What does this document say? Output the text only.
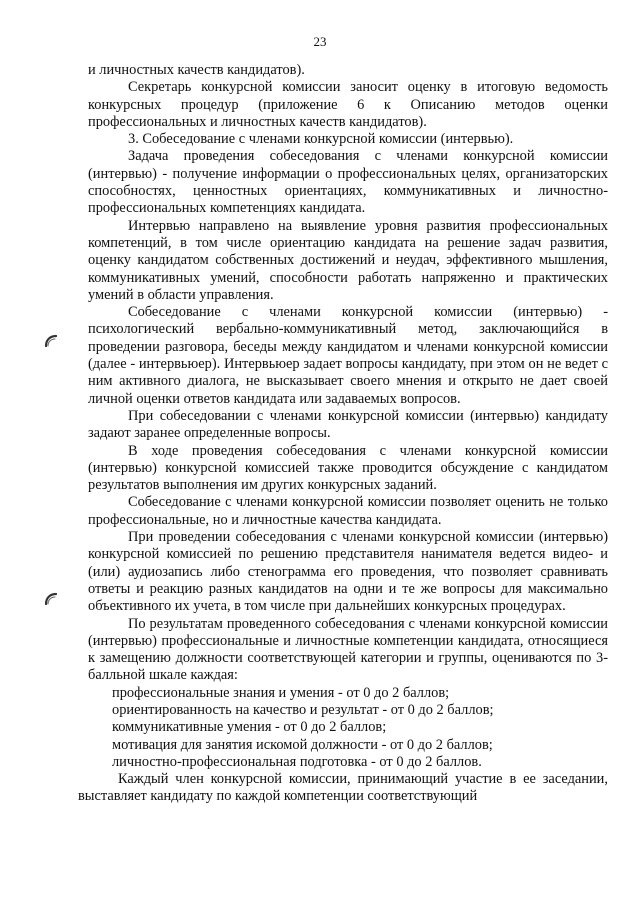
23

и личностных качеств кандидатов).

Секретарь конкурсной комиссии заносит оценку в итоговую ведомость конкурсных процедур (приложение 6 к Описанию методов оценки профессиональных и личностных качеств кандидатов).

3. Собеседование с членами конкурсной комиссии (интервью).

Задача проведения собеседования с членами конкурсной комиссии (интервью) - получение информации о профессиональных целях, организаторских способностях, ценностных ориентациях, коммуникативных и личностно-профессиональных компетенциях кандидата.

Интервью направлено на выявление уровня развития профессиональных компетенций, в том числе ориентацию кандидата на решение задач развития, оценку кандидатом собственных достижений и неудач, эффективного мышления, коммуникативных умений, способности работать напряженно и практических умений в области управления.

Собеседование с членами конкурсной комиссии (интервью) - психологический вербально-коммуникативный метод, заключающийся в проведении разговора, беседы между кандидатом и членами конкурсной комиссии (далее - интервьюер). Интервьюер задает вопросы кандидату, при этом он не ведет с ним активного диалога, не высказывает своего мнения и открыто не дает своей личной оценки ответов кандидата или задаваемых вопросов.

При собеседовании с членами конкурсной комиссии (интервью) кандидату задают заранее определенные вопросы.

В ходе проведения собеседования с членами конкурсной комиссии (интервью) конкурсной комиссией также проводится обсуждение с кандидатом результатов выполнения им других конкурсных заданий.

Собеседование с членами конкурсной комиссии позволяет оценить не только профессиональные, но и личностные качества кандидата.

При проведении собеседования с членами конкурсной комиссии (интервью) конкурсной комиссией по решению представителя нанимателя ведется видео- и (или) аудиозапись либо стенограмма его проведения, что позволяет сравнивать ответы и реакцию разных кандидатов на одни и те же вопросы для максимально объективного их учета, в том числе при дальнейших конкурсных процедурах.

По результатам проведенного собеседования с членами конкурсной комиссии (интервью) профессиональные и личностные компетенции кандидата, относящиеся к замещению должности соответствующей категории и группы, оцениваются по 3-балльной шкале каждая:

профессиональные знания и умения - от 0 до 2 баллов;
ориентированность на качество и результат - от 0 до 2 баллов;
коммуникативные умения - от 0 до 2 баллов;
мотивация для занятия искомой должности - от 0 до 2 баллов;
личностно-профессиональная подготовка - от 0 до 2 баллов.

Каждый член конкурсной комиссии, принимающий участие в ее заседании, выставляет кандидату по каждой компетенции соответствующий
